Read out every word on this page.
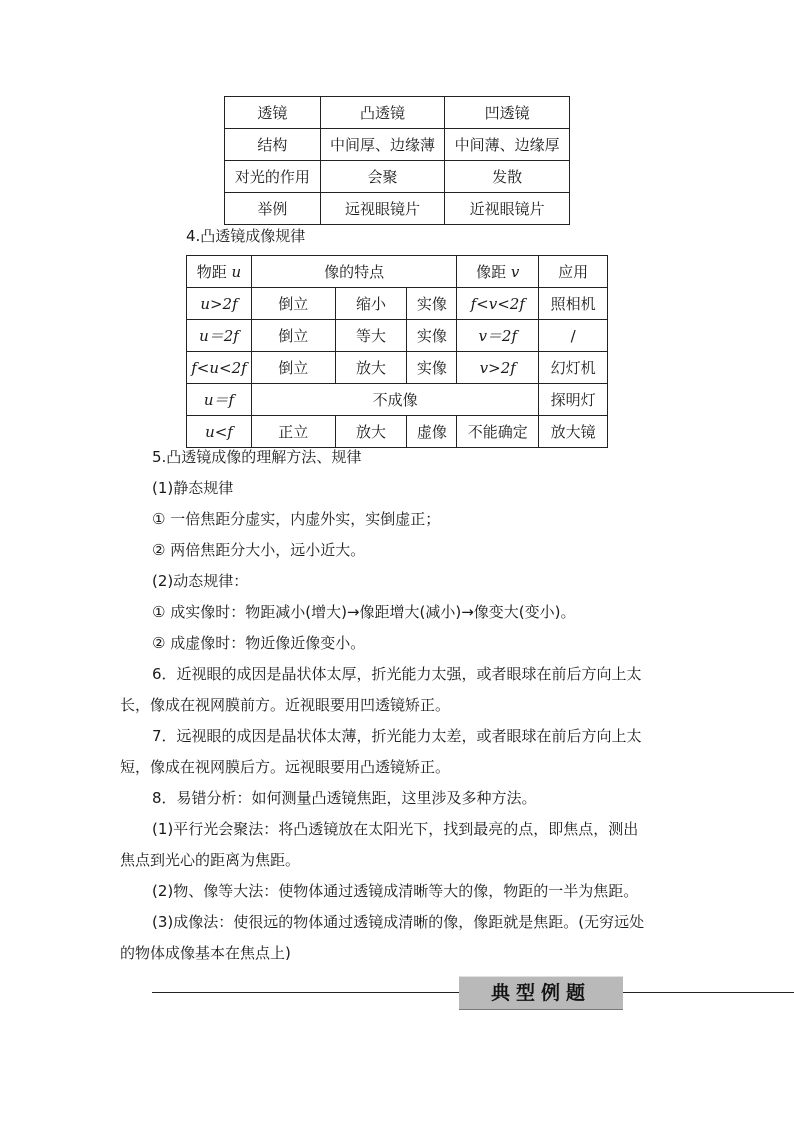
透镜	凸透镜	凹透镜
结构	中间厚、边缘薄	中间薄、边缘厚
对光的作用	会聚	发散
举例	远视眼镜片	近视眼镜片
4.凸透镜成像规律
物距 u	像的特点			像距 v	应用
u>2f	倒立	缩小	实像	f<v<2f	照相机
u＝2f	倒立	等大	实像	v＝2f	/
f<u<2f	倒立	放大	实像	v>2f	幻灯机
u＝f	不成像				探明灯
u<f	正立	放大	虚像	不能确定	放大镜
5.凸透镜成像的理解方法、规律
(1)静态规律
① 一倍焦距分虚实，内虚外实，实倒虚正；
② 两倍焦距分大小，远小近大。
(2)动态规律：
① 成实像时：物距减小(增大)→像距增大(减小)→像变大(变小)。
② 成虚像时：物近像近像变小。
6．近视眼的成因是晶状体太厚，折光能力太强，或者眼球在前后方向上太
长，像成在视网膜前方。近视眼要用凹透镜矫正。
7．远视眼的成因是晶状体太薄，折光能力太差，或者眼球在前后方向上太
短，像成在视网膜后方。远视眼要用凸透镜矫正。
8．易错分析：如何测量凸透镜焦距，这里涉及多种方法。
(1)平行光会聚法：将凸透镜放在太阳光下，找到最亮的点，即焦点，测出
焦点到光心的距离为焦距。
(2)物、像等大法：使物体通过透镜成清晰等大的像，物距的一半为焦距。
(3)成像法：使很远的物体通过透镜成清晰的像，像距就是焦距。(无穷远处
的物体成像基本在焦点上)
典型例题
